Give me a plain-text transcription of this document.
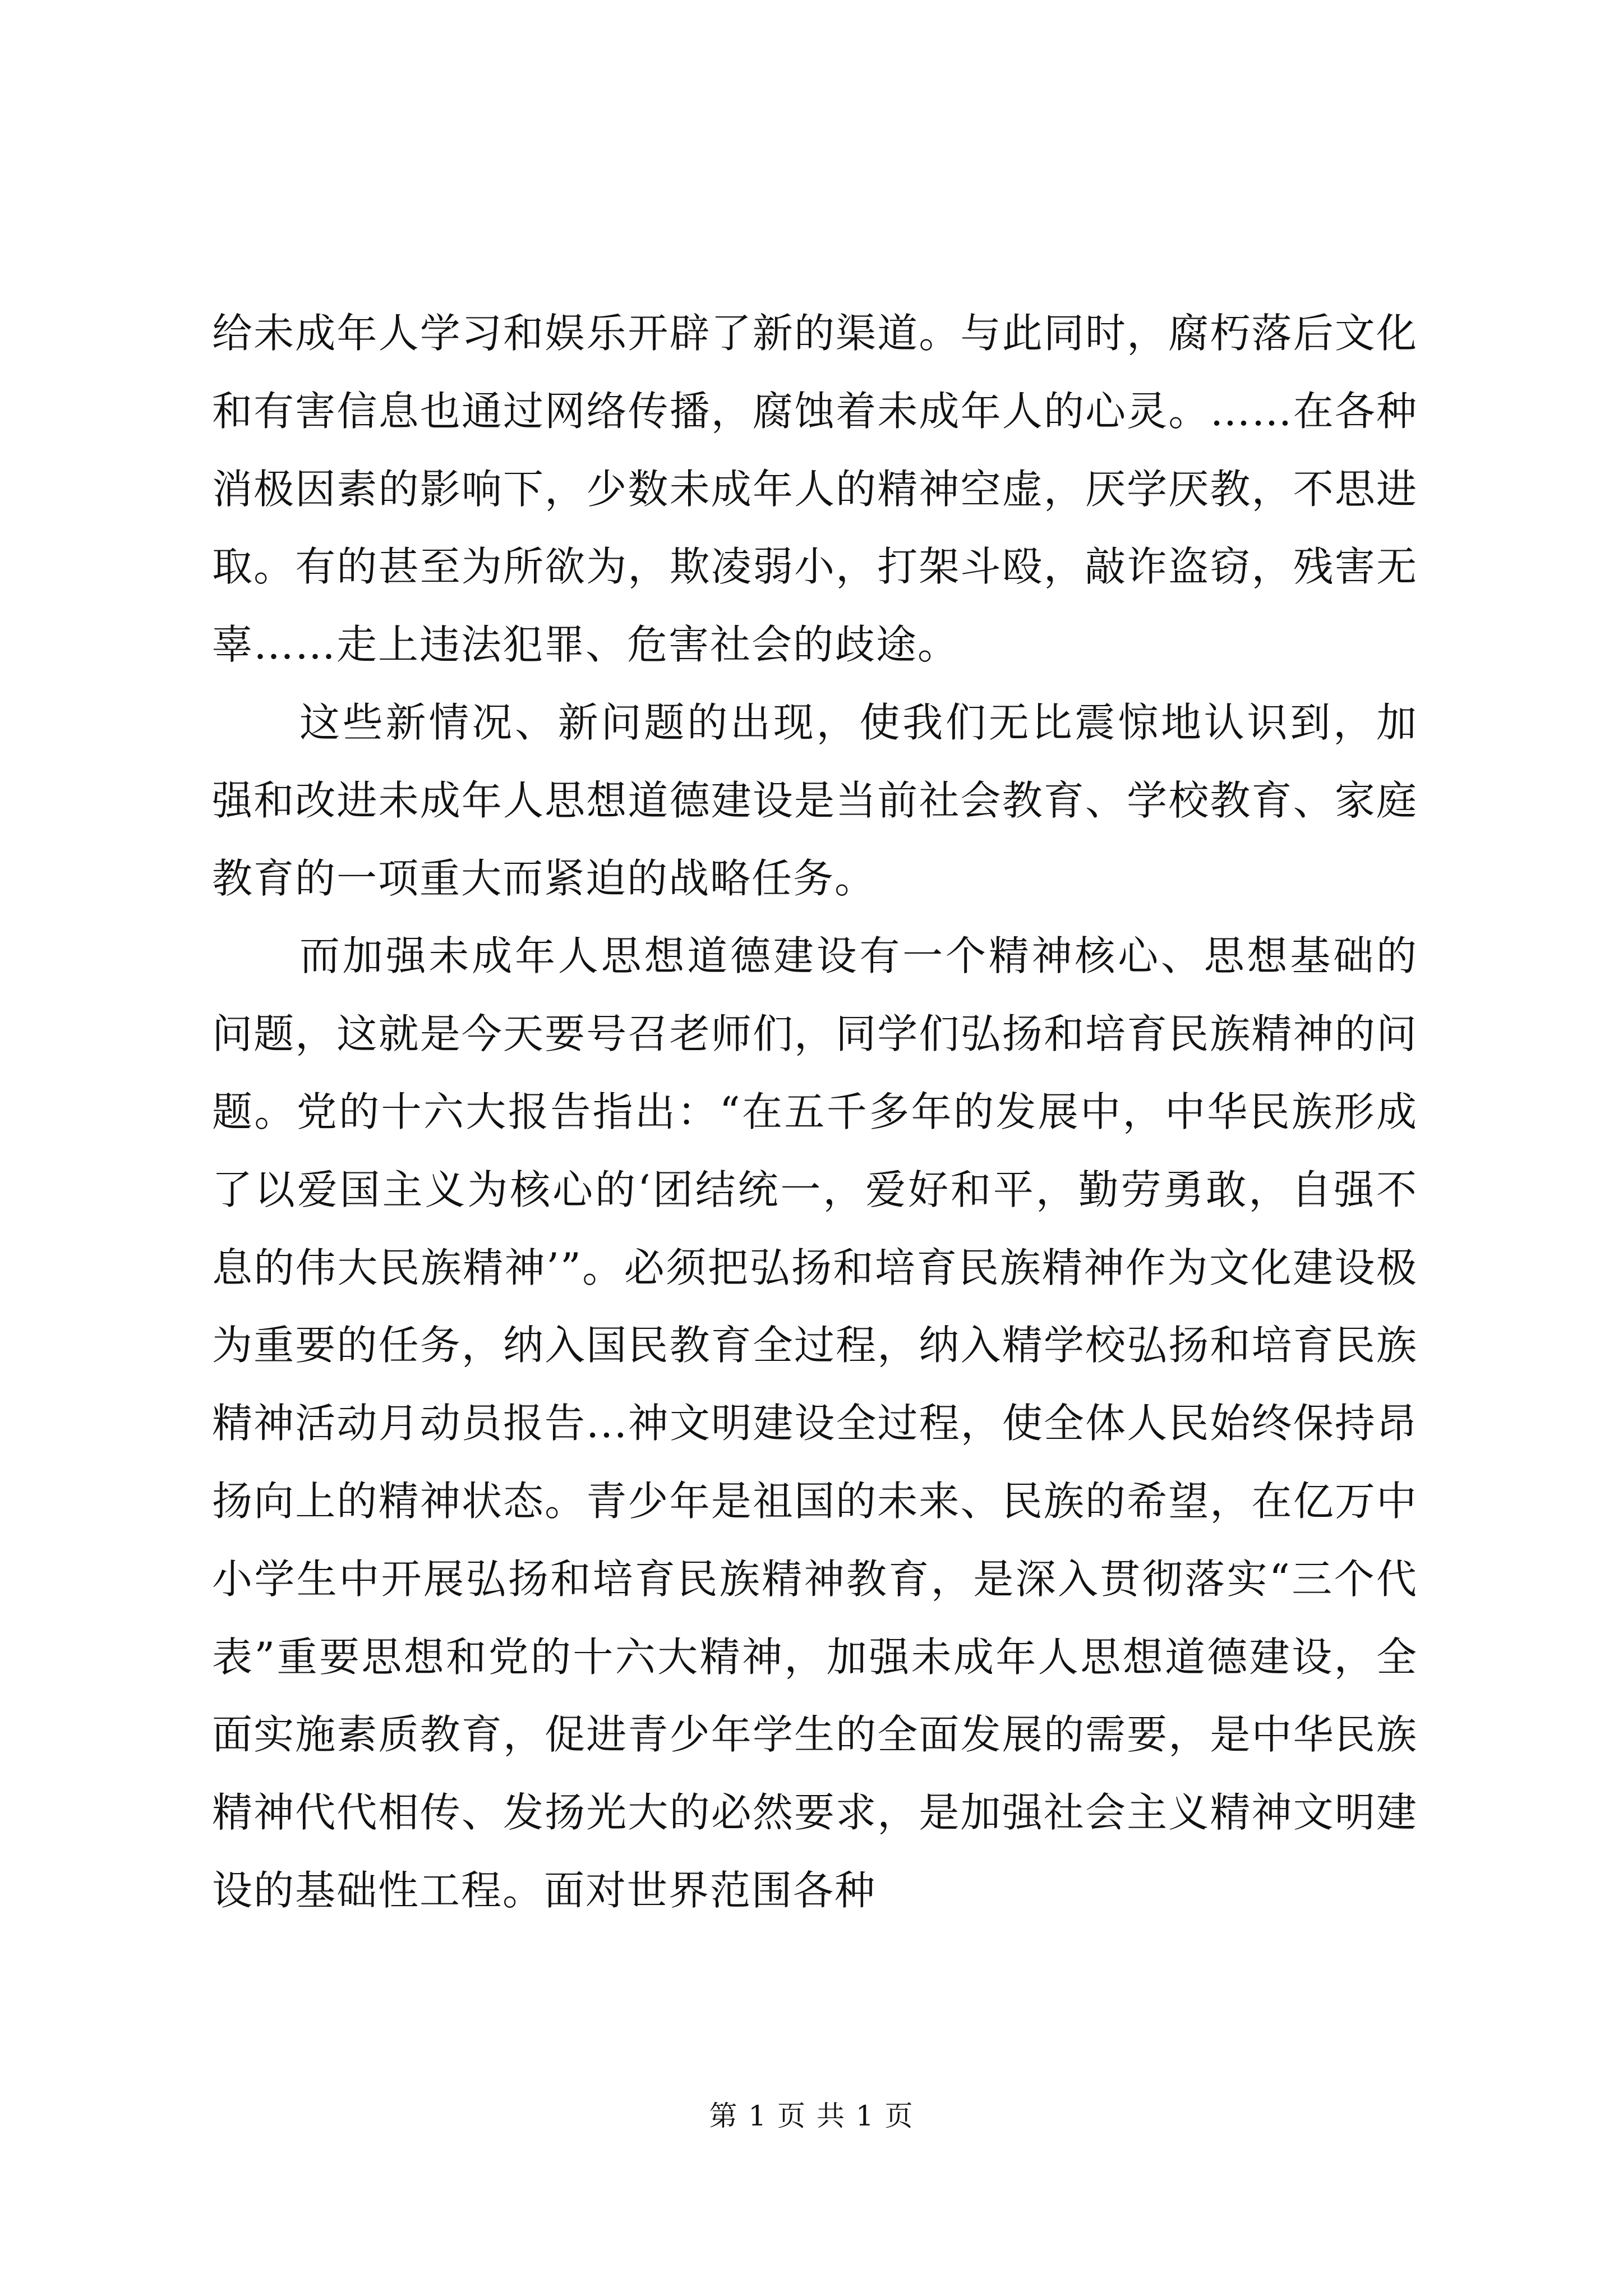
给未成年人学习和娱乐开辟了新的渠道。与此同时，腐朽落后文化和有害信息也通过网络传播，腐蚀着未成年人的心灵。……在各种消极因素的影响下，少数未成年人的精神空虚，厌学厌教，不思进取。有的甚至为所欲为，欺凌弱小，打架斗殴，敲诈盗窃，残害无辜……走上违法犯罪、危害社会的歧途。

这些新情况、新问题的出现，使我们无比震惊地认识到，加强和改进未成年人思想道德建设是当前社会教育、学校教育、家庭教育的一项重大而紧迫的战略任务。

而加强未成年人思想道德建设有一个精神核心、思想基础的问题，这就是今天要号召老师们，同学们弘扬和培育民族精神的问题。党的十六大报告指出：“在五千多年的发展中，中华民族形成了以爱国主义为核心的‘团结统一，爱好和平，勤劳勇敢，自强不息的伟大民族精神’”。必须把弘扬和培育民族精神作为文化建设极为重要的任务，纳入国民教育全过程，纳入精学校弘扬和培育民族精神活动月动员报告...神文明建设全过程，使全体人民始终保持昂扬向上的精神状态。青少年是祖国的未来、民族的希望，在亿万中小学生中开展弘扬和培育民族精神教育，是深入贯彻落实“三个代表”重要思想和党的十六大精神，加强未成年人思想道德建设，全面实施素质教育，促进青少年学生的全面发展的需要，是中华民族精神代代相传、发扬光大的必然要求，是加强社会主义精神文明建设的基础性工程。面对世界范围各种

第 1 页 共 1 页
